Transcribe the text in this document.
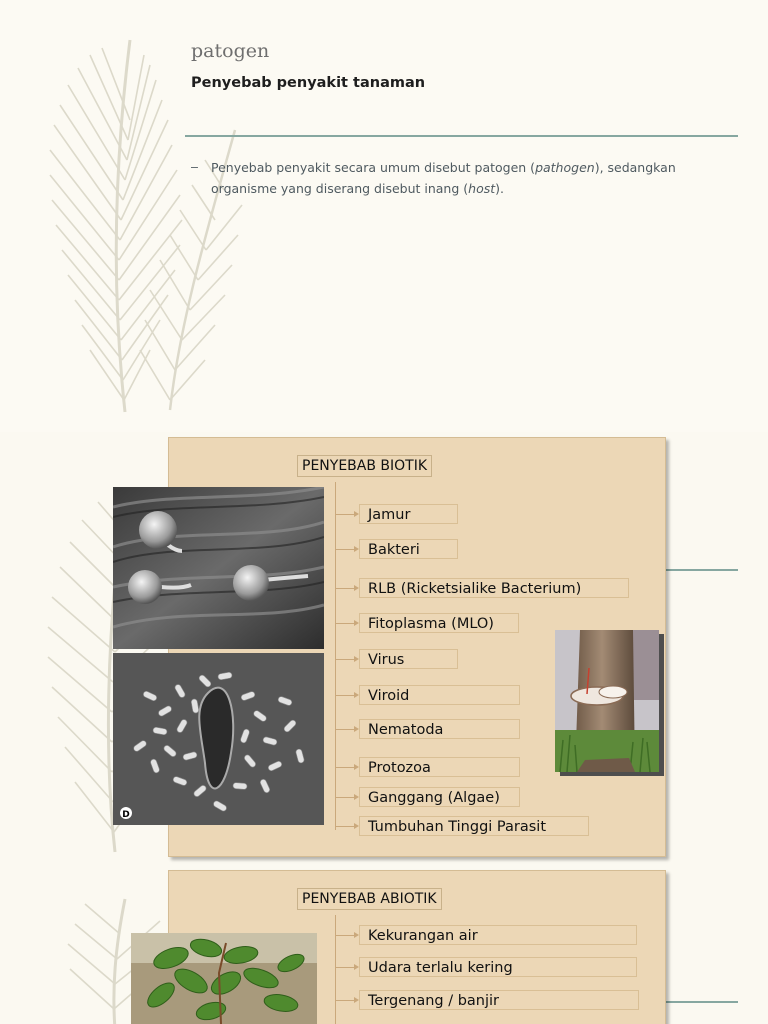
patogen
Penyebab penyakit tanaman
– Penyebab penyakit secara umum disebut patogen (pathogen), sedangkan organisme yang diserang disebut inang (host).

PENYEBAB BIOTIK
Jamur
Bakteri
RLB (Ricketsialike Bacterium)
Fitoplasma (MLO)
Virus
Viroid
Nematoda
Protozoa
Ganggang (Algae)
Tumbuhan Tinggi Parasit
D
PENYEBAB ABIOTIK
Kekurangan air
Udara terlalu kering
Tergenang / banjir
